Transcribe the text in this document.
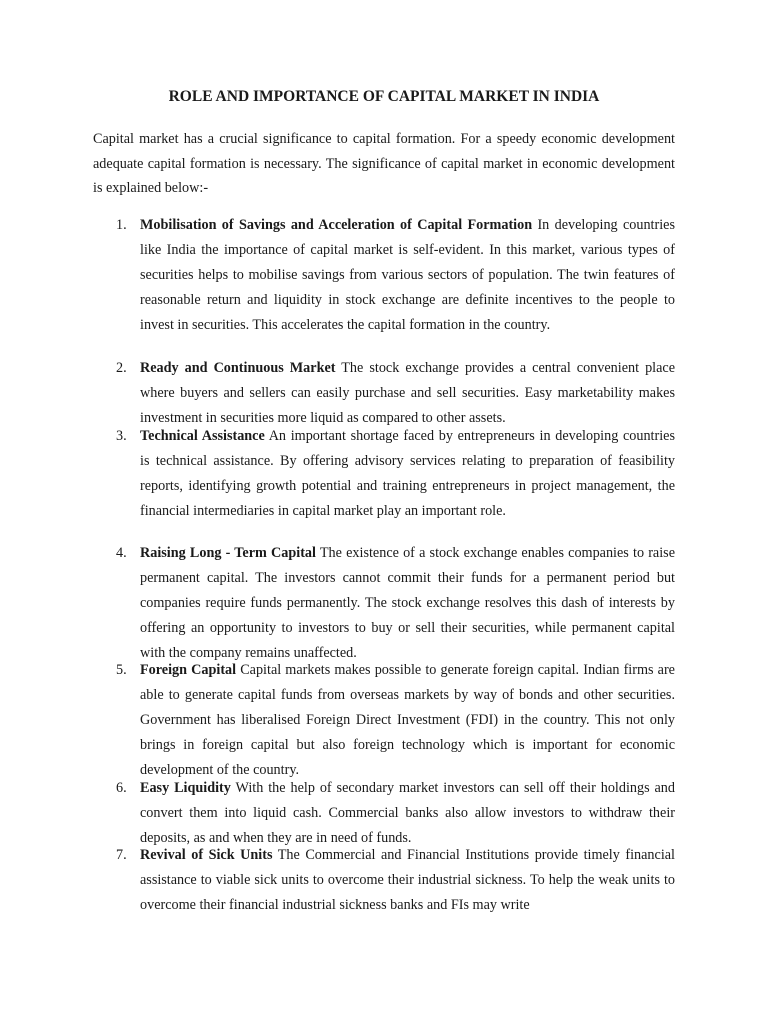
ROLE AND IMPORTANCE OF CAPITAL MARKET IN INDIA

Capital market has a crucial significance to capital formation. For a speedy economic development adequate capital formation is necessary. The significance of capital market in economic development is explained below:-

1. Mobilisation of Savings and Acceleration of Capital Formation In developing countries like India the importance of capital market is self-evident. In this market, various types of securities helps to mobilise savings from various sectors of population. The twin features of reasonable return and liquidity in stock exchange are definite incentives to the people to invest in securities. This accelerates the capital formation in the country.

2. Ready and Continuous Market The stock exchange provides a central convenient place where buyers and sellers can easily purchase and sell securities. Easy marketability makes investment in securities more liquid as compared to other assets.

3. Technical Assistance An important shortage faced by entrepreneurs in developing countries is technical assistance. By offering advisory services relating to preparation of feasibility reports, identifying growth potential and training entrepreneurs in project management, the financial intermediaries in capital market play an important role.

4. Raising Long - Term Capital The existence of a stock exchange enables companies to raise permanent capital. The investors cannot commit their funds for a permanent period but companies require funds permanently. The stock exchange resolves this dash of interests by offering an opportunity to investors to buy or sell their securities, while permanent capital with the company remains unaffected.

5. Foreign Capital Capital markets makes possible to generate foreign capital. Indian firms are able to generate capital funds from overseas markets by way of bonds and other securities. Government has liberalised Foreign Direct Investment (FDI) in the country. This not only brings in foreign capital but also foreign technology which is important for economic development of the country.

6. Easy Liquidity With the help of secondary market investors can sell off their holdings and convert them into liquid cash. Commercial banks also allow investors to withdraw their deposits, as and when they are in need of funds.

7. Revival of Sick Units The Commercial and Financial Institutions provide timely financial assistance to viable sick units to overcome their industrial sickness. To help the weak units to overcome their financial industrial sickness banks and FIs may write
